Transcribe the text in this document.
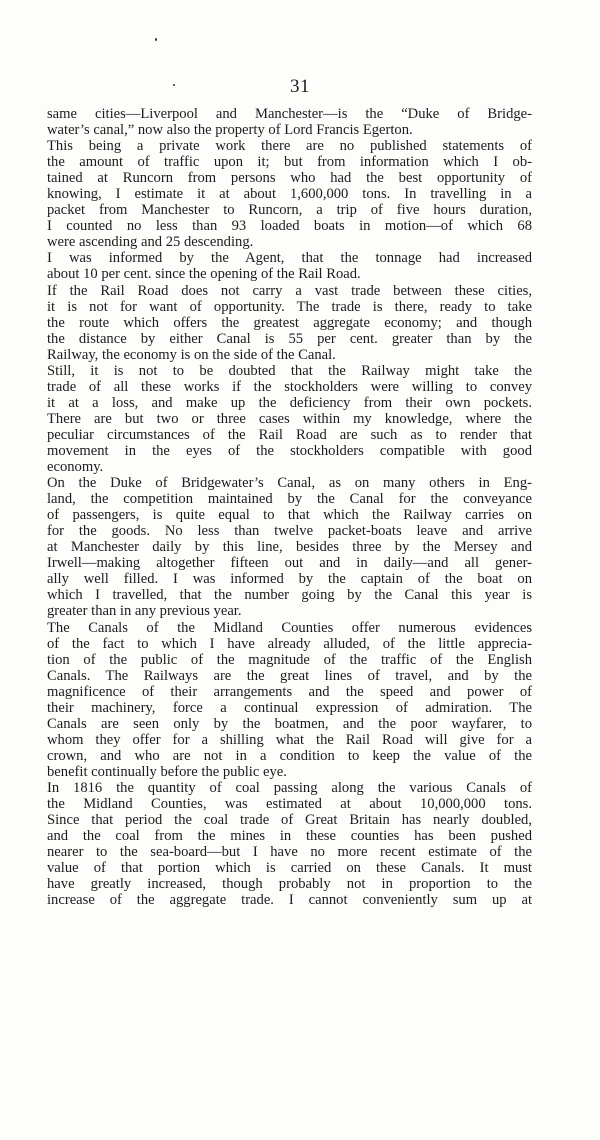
31
same cities—Liverpool and Manchester—is the “Duke of Bridge-
water’s canal,” now also the property of Lord Francis Egerton.
This being a private work there are no published statements of
the amount of traffic upon it; but from information which I ob-
tained at Runcorn from persons who had the best opportunity of
knowing, I estimate it at about 1,600,000 tons. In travelling in a
packet from Manchester to Runcorn, a trip of five hours duration,
I counted no less than 93 loaded boats in motion—of which 68
were ascending and 25 descending.
I was informed by the Agent, that the tonnage had increased
about 10 per cent. since the opening of the Rail Road.
If the Rail Road does not carry a vast trade between these cities,
it is not for want of opportunity. The trade is there, ready to take
the route which offers the greatest aggregate economy; and though
the distance by either Canal is 55 per cent. greater than by the
Railway, the economy is on the side of the Canal.
Still, it is not to be doubted that the Railway might take the
trade of all these works if the stockholders were willing to convey
it at a loss, and make up the deficiency from their own pockets.
There are but two or three cases within my knowledge, where the
peculiar circumstances of the Rail Road are such as to render that
movement in the eyes of the stockholders compatible with good
economy.
On the Duke of Bridgewater’s Canal, as on many others in Eng-
land, the competition maintained by the Canal for the conveyance
of passengers, is quite equal to that which the Railway carries on
for the goods. No less than twelve packet-boats leave and arrive
at Manchester daily by this line, besides three by the Mersey and
Irwell—making altogether fifteen out and in daily—and all gener-
ally well filled. I was informed by the captain of the boat on
which I travelled, that the number going by the Canal this year is
greater than in any previous year.
The Canals of the Midland Counties offer numerous evidences
of the fact to which I have already alluded, of the little apprecia-
tion of the public of the magnitude of the traffic of the English
Canals. The Railways are the great lines of travel, and by the
magnificence of their arrangements and the speed and power of
their machinery, force a continual expression of admiration. The
Canals are seen only by the boatmen, and the poor wayfarer, to
whom they offer for a shilling what the Rail Road will give for a
crown, and who are not in a condition to keep the value of the
benefit continually before the public eye.
In 1816 the quantity of coal passing along the various Canals of
the Midland Counties, was estimated at about 10,000,000 tons.
Since that period the coal trade of Great Britain has nearly doubled,
and the coal from the mines in these counties has been pushed
nearer to the sea-board—but I have no more recent estimate of the
value of that portion which is carried on these Canals. It must
have greatly increased, though probably not in proportion to the
increase of the aggregate trade. I cannot conveniently sum up at
